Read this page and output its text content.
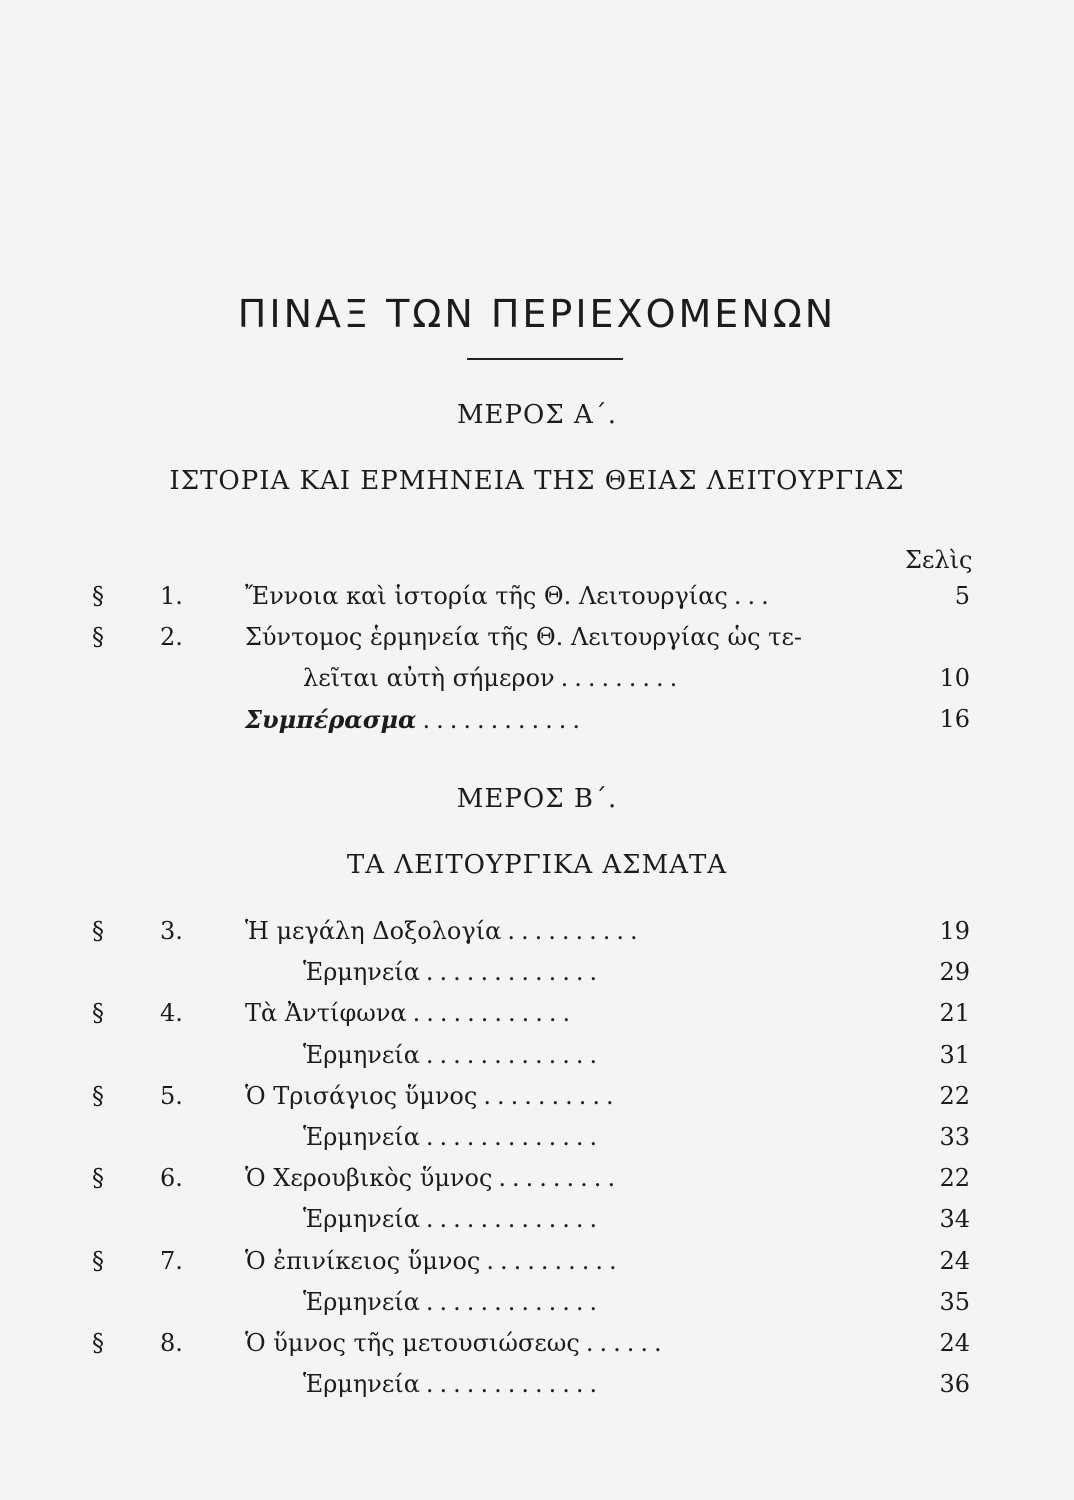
ΠΙΝΑΞ ΤΩΝ ΠΕΡΙΕΧΟΜΕΝΩΝ
ΜΕΡΟΣ Α΄.
ΙΣΤΟΡΙΑ ΚΑΙ ΕΡΜΗΝΕΙΑ ΤΗΣ ΘΕΙΑΣ ΛΕΙΤΟΥΡΓΙΑΣ
Σελὶς
§ 1.	Ἔννοια καὶ ἱστορία τῆς Θ. Λειτουργίας ...	5
§ 2.	Σύντομος ἑρμηνεία τῆς Θ. Λειτουργίας ὡς τε-
λεῖται αὐτὴ σήμερον .........	10
Συμπέρασμα ............	16
ΜΕΡΟΣ Β΄.
ΤΑ ΛΕΙΤΟΥΡΓΙΚΑ ΑΣΜΑΤΑ
§ 3.	Ἡ μεγάλη Δοξολογία ..........	19
Ἑρμηνεία .............	29
§ 4.	Τὰ Ἀντίφωνα ............	21
Ἑρμηνεία .............	31
§ 5.	Ὁ Τρισάγιος ὕμνος ..........	22
Ἑρμηνεία .............	33
§ 6.	Ὁ Χερουβικὸς ὕμνος .........	22
Ἑρμηνεία .............	34
§ 7.	Ὁ ἐπινίκειος ὕμνος ..........	24
Ἑρμηνεία .............	35
§ 8.	Ὁ ὕμνος τῆς μετουσιώσεως ......	24
Ἑρμηνεία .............	36
